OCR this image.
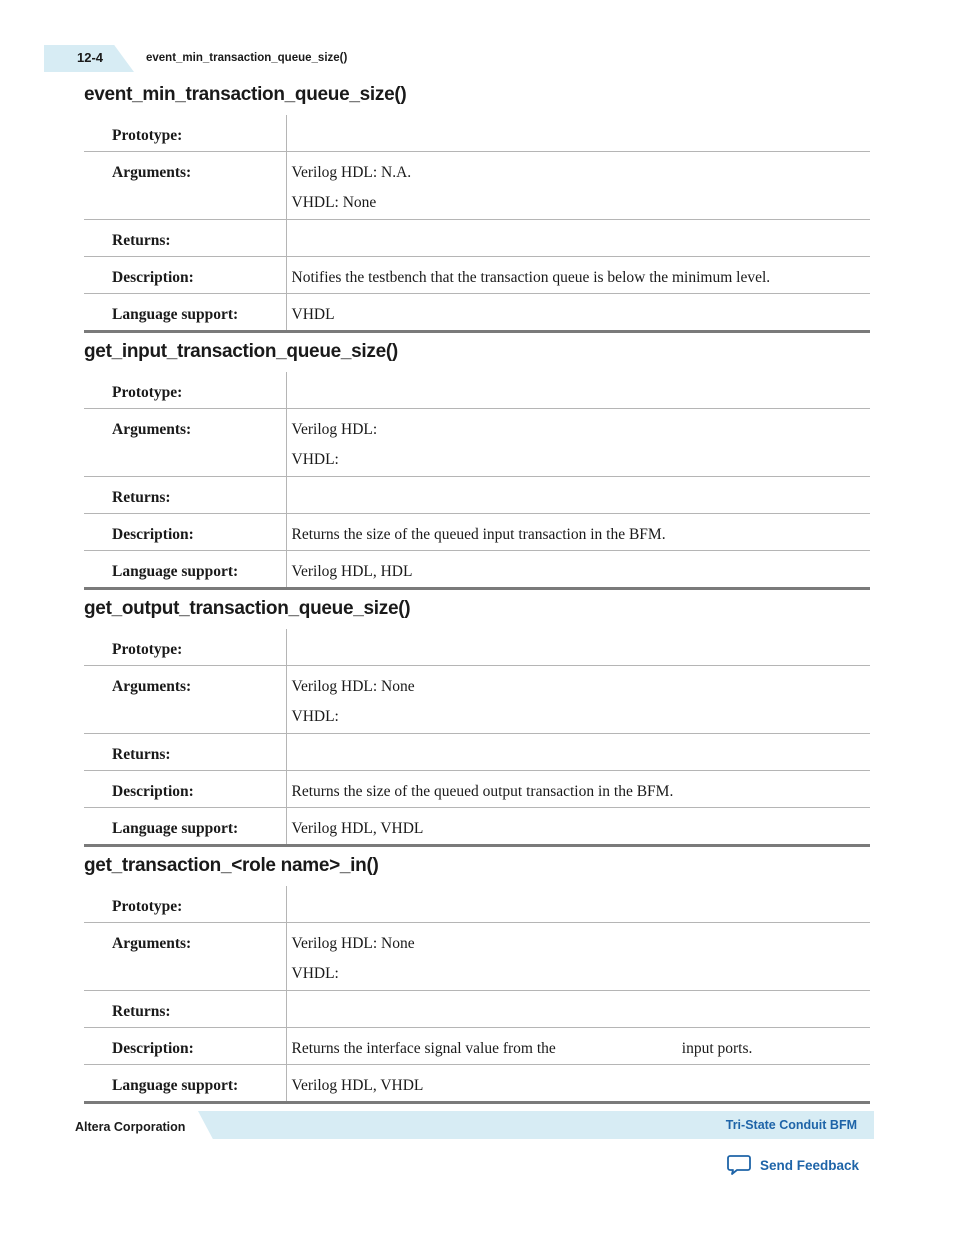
12-4	event_min_transaction_queue_size()
event_min_transaction_queue_size()
Prototype:	
Arguments:	Verilog HDL: N.A.
VHDL: None

Returns:	
Description:	Notifies the testbench that the transaction queue is below the minimum level.
Language support:	VHDL
get_input_transaction_queue_size()
Prototype:	
Arguments:	Verilog HDL:
VHDL:

Returns:	
Description:	Returns the size of the queued input transaction in the BFM.
Language support:	Verilog HDL, HDL
get_output_transaction_queue_size()
Prototype:	
Arguments:	Verilog HDL: None
VHDL:

Returns:	
Description:	Returns the size of the queued output transaction in the BFM.
Language support:	Verilog HDL, VHDL
get_transaction_<role name>_in()
Prototype:	
Arguments:	Verilog HDL: None
VHDL:

Returns:	
Description:	Returns the interface signal value from the input ports.
Language support:	Verilog HDL, VHDL
Altera Corporation	Tri-State Conduit BFM
Send Feedback
